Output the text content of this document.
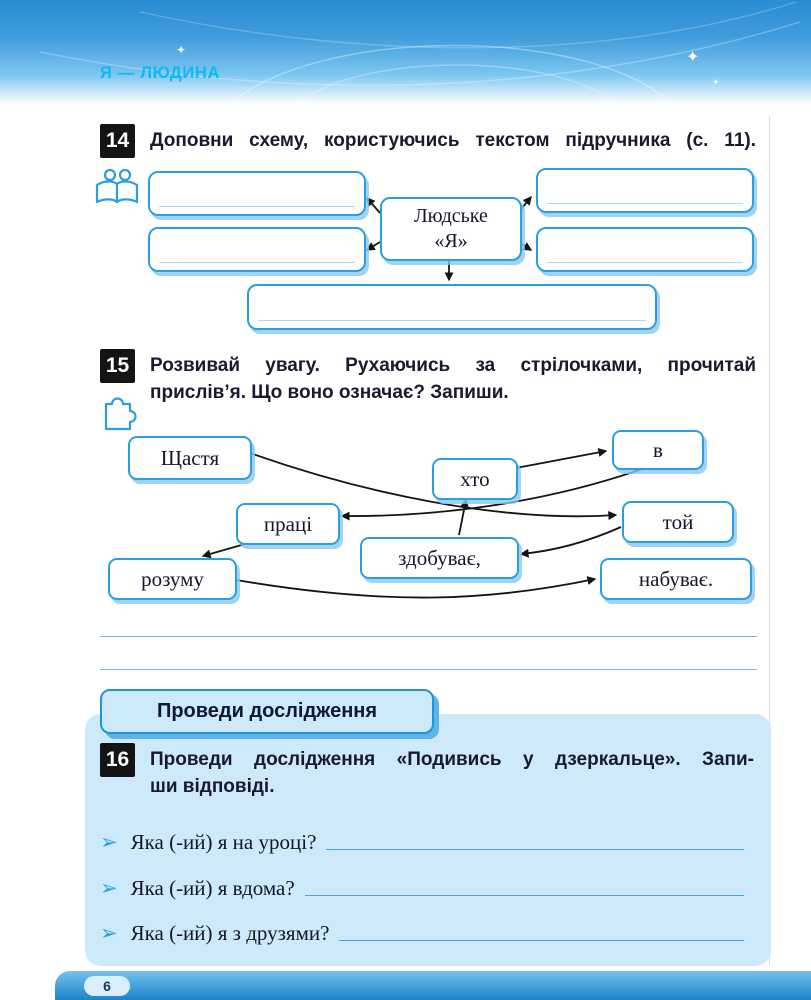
✦	✦
✦
Я — ЛЮДИНА
14	Доповни схему, користуючись текстом підручника (с. 11).
Людське «Я»
15	Розвивай увагу. Рухаючись за стрілочками, прочитай
прислів’я. Що воно означає? Запиши.
Щастя	в
хто
праці	той
здобуває,
розуму	набуває.
Проведи дослідження
16	Проведи дослідження «Подивись у дзеркальце». Запи-
ши відповіді.
➢ Яка (-ий) я на уроці?
➢ Яка (-ий) я вдома?
➢ Яка (-ий) я з друзями?
6
